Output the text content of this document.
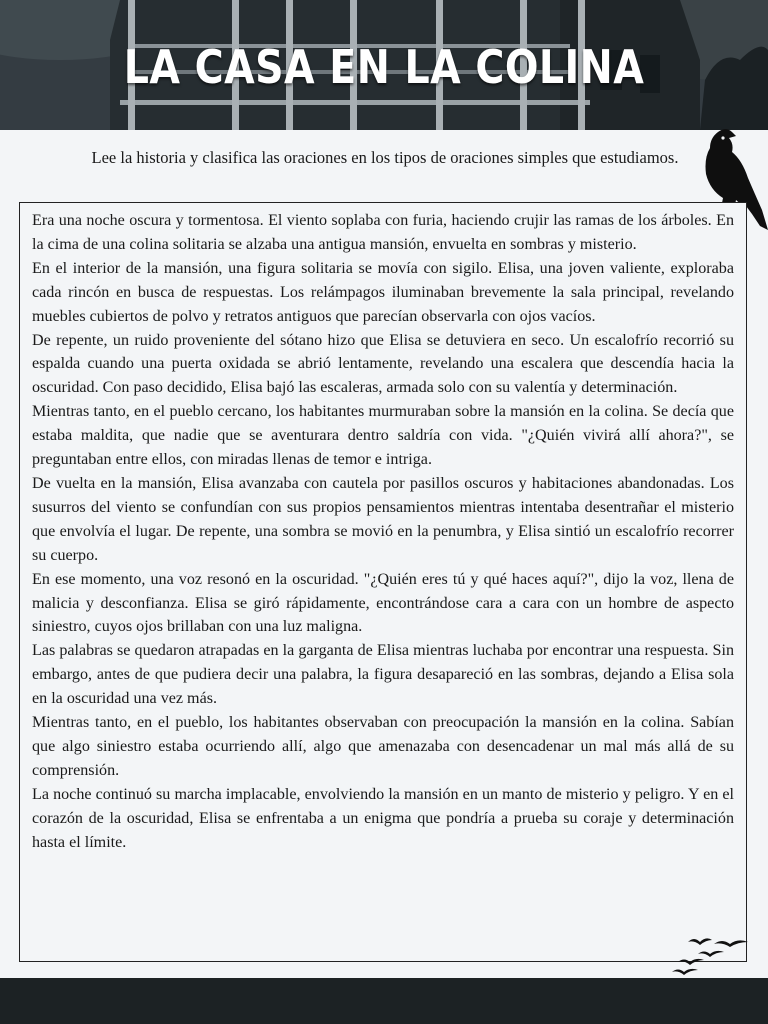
LA CASA EN LA COLINA
Lee la historia y clasifica las oraciones en los tipos de oraciones simples que estudiamos.

Era una noche oscura y tormentosa. El viento soplaba con furia, haciendo crujir las ramas de los árboles. En la cima de una colina solitaria se alzaba una antigua mansión, envuelta en sombras y misterio.

En el interior de la mansión, una figura solitaria se movía con sigilo. Elisa, una joven valiente, exploraba cada rincón en busca de respuestas. Los relámpagos iluminaban brevemente la sala principal, revelando muebles cubiertos de polvo y retratos antiguos que parecían observarla con ojos vacíos.

De repente, un ruido proveniente del sótano hizo que Elisa se detuviera en seco. Un escalofrío recorrió su espalda cuando una puerta oxidada se abrió lentamente, revelando una escalera que descendía hacia la oscuridad. Con paso decidido, Elisa bajó las escaleras, armada solo con su valentía y determinación.

Mientras tanto, en el pueblo cercano, los habitantes murmuraban sobre la mansión en la colina. Se decía que estaba maldita, que nadie que se aventurara dentro saldría con vida. "¿Quién vivirá allí ahora?", se preguntaban entre ellos, con miradas llenas de temor e intriga.

De vuelta en la mansión, Elisa avanzaba con cautela por pasillos oscuros y habitaciones abandonadas. Los susurros del viento se confundían con sus propios pensamientos mientras intentaba desentrañar el misterio que envolvía el lugar. De repente, una sombra se movió en la penumbra, y Elisa sintió un escalofrío recorrer su cuerpo.

En ese momento, una voz resonó en la oscuridad. "¿Quién eres tú y qué haces aquí?", dijo la voz, llena de malicia y desconfianza. Elisa se giró rápidamente, encontrándose cara a cara con un hombre de aspecto siniestro, cuyos ojos brillaban con una luz maligna.

Las palabras se quedaron atrapadas en la garganta de Elisa mientras luchaba por encontrar una respuesta. Sin embargo, antes de que pudiera decir una palabra, la figura desapareció en las sombras, dejando a Elisa sola en la oscuridad una vez más.

Mientras tanto, en el pueblo, los habitantes observaban con preocupación la mansión en la colina. Sabían que algo siniestro estaba ocurriendo allí, algo que amenazaba con desencadenar un mal más allá de su comprensión.

La noche continuó su marcha implacable, envolviendo la mansión en un manto de misterio y peligro. Y en el corazón de la oscuridad, Elisa se enfrentaba a un enigma que pondría a prueba su coraje y determinación hasta el límite.
